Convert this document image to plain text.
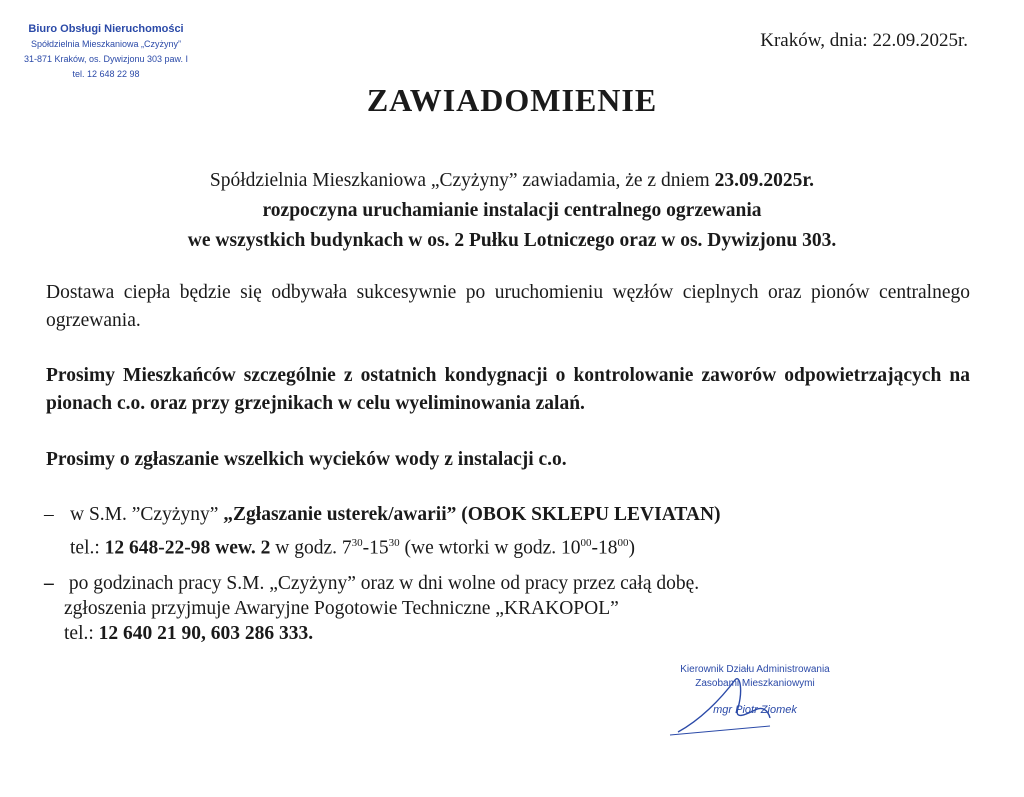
Biuro Obsługi Nieruchomości
Spółdzielnia Mieszkaniowa „Czyżyny”
31-871 Kraków, os. Dywizjonu 303 paw. I
tel. 12 648 22 98
Kraków, dnia: 22.09.2025r.
ZAWIADOMIENIE
Spółdzielnia Mieszkaniowa „Czyżyny” zawiadamia, że z dniem 23.09.2025r.
rozpoczyna uruchamianie instalacji centralnego ogrzewania
we wszystkich budynkach w os. 2 Pułku Lotniczego oraz w os. Dywizjonu 303.
Dostawa ciepła będzie się odbywała sukcesywnie po uruchomieniu węzłów cieplnych oraz pionów centralnego ogrzewania.
Prosimy Mieszkańców szczególnie z ostatnich kondygnacji o kontrolowanie zaworów odpowietrzających na pionach c.o. oraz przy grzejnikach w celu wyeliminowania zalań.
Prosimy o zgłaszanie wszelkich wycieków wody z instalacji c.o.
– w S.M. ”Czyżyny” „Zgłaszanie usterek/awarii” (OBOK SKLEPU LEVIATAN)
tel.: 12 648-22-98 wew. 2 w godz. $7^{30}-15^{30}$ (we wtorki w godz. $10^{00}-18^{00}$)
– po godzinach pracy S.M. „Czyżyny” oraz w dni wolne od pracy przez całą dobę.
zgłoszenia przyjmuje Awaryjne Pogotowie Techniczne „KRAKOPOL”
tel.: 12 640 21 90, 603 286 333.
Kierownik Działu Administrowania
Zasobami Mieszkaniowymi
mgr Piotr Ziomek
